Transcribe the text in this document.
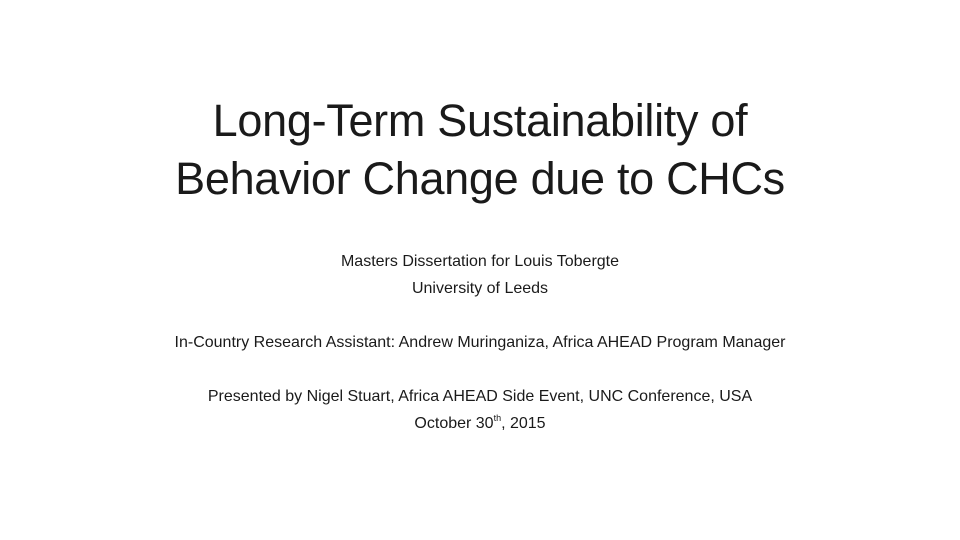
Long-Term Sustainability of
Behavior Change due to CHCs
Masters Dissertation for Louis Tobergte
University of Leeds
In-Country Research Assistant: Andrew Muringaniza, Africa AHEAD Program Manager
Presented by Nigel Stuart, Africa AHEAD Side Event, UNC Conference, USA
October 30th, 2015
